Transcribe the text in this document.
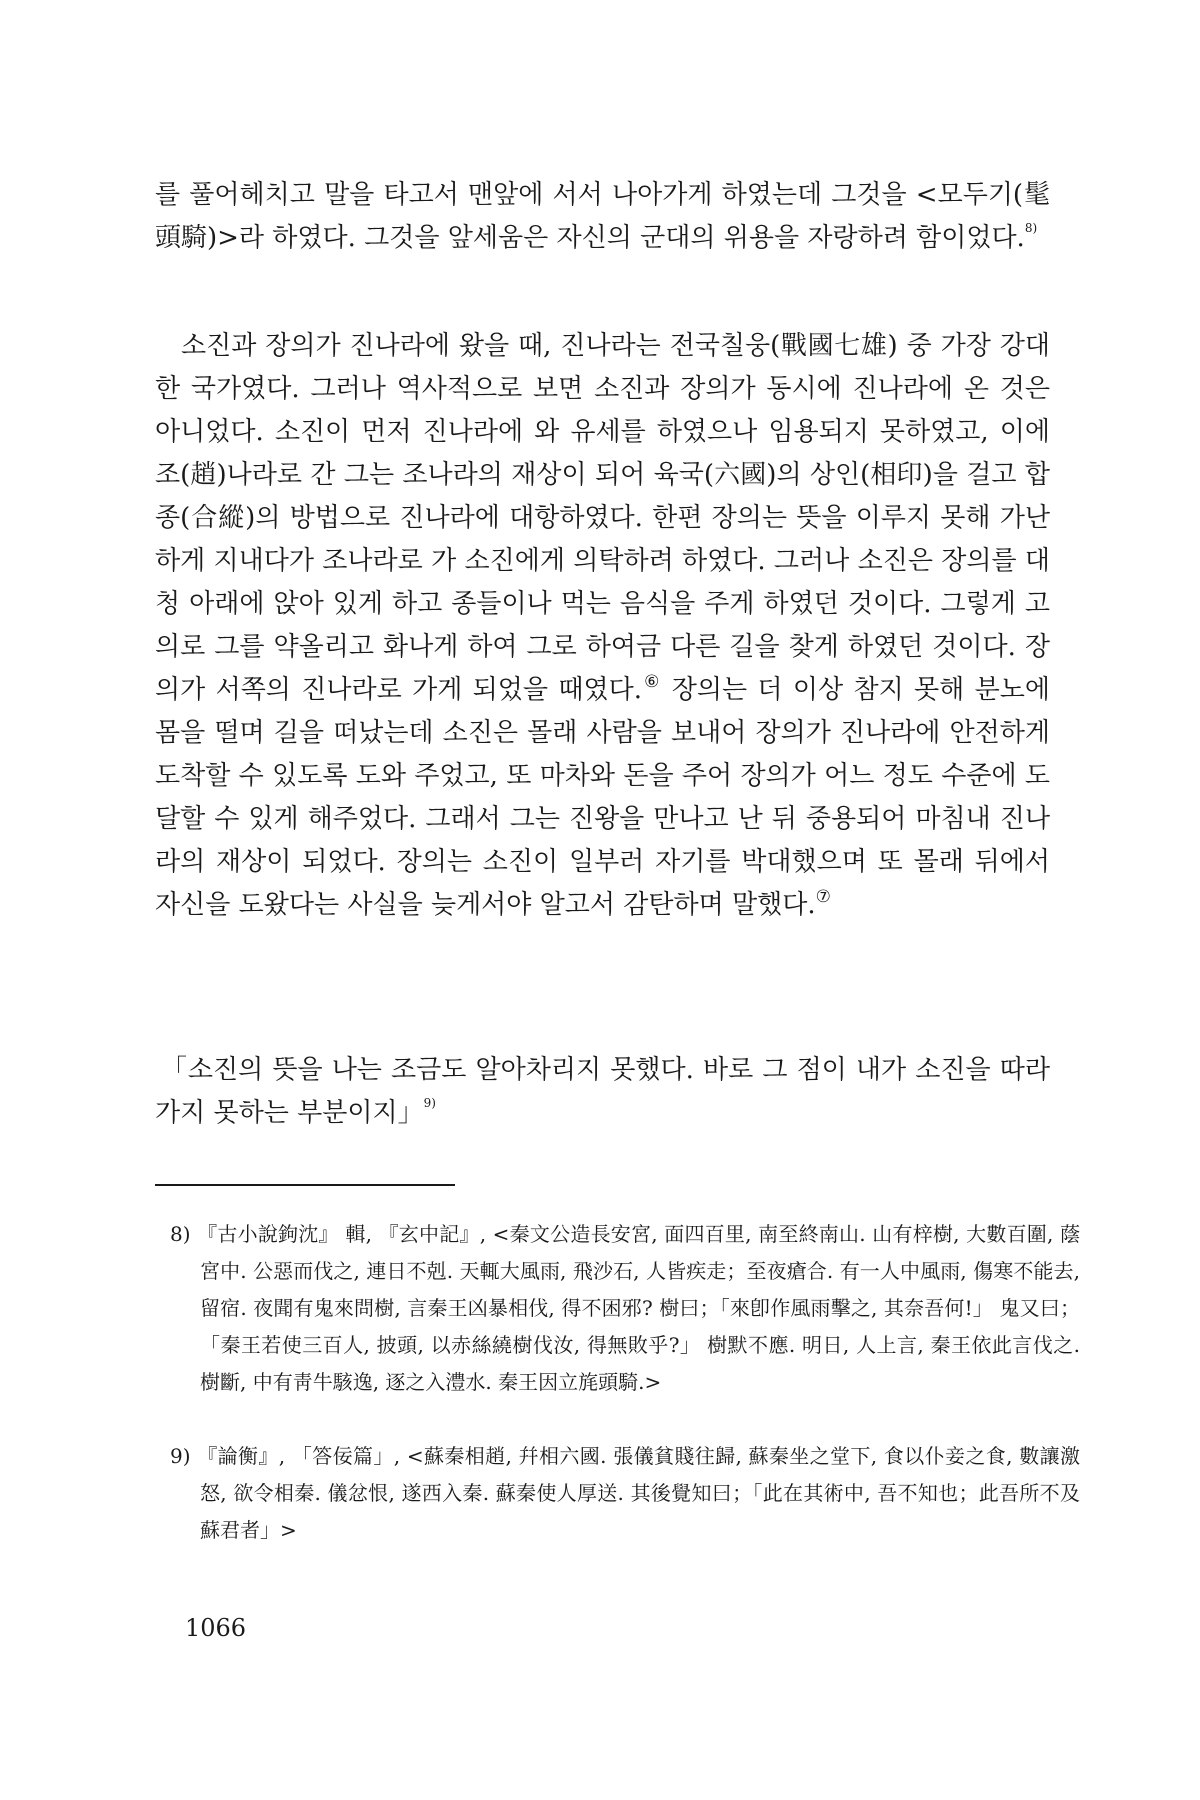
를 풀어헤치고 말을 타고서 맨앞에 서서 나아가게 하였는데 그것을 <모두기(髦頭騎)>라 하였다. 그것을 앞세움은 자신의 군대의 위용을 자랑하려 함이었다.$^{8)}$

소진과 장의가 진나라에 왔을 때, 진나라는 전국칠웅(戰國七雄) 중 가장 강대한 국가였다. 그러나 역사적으로 보면 소진과 장의가 동시에 진나라에 온 것은 아니었다. 소진이 먼저 진나라에 와 유세를 하였으나 임용되지 못하였고, 이에 조(趙)나라로 간 그는 조나라의 재상이 되어 육국(六國)의 상인(相印)을 걸고 합종(合縱)의 방법으로 진나라에 대항하였다. 한편 장의는 뜻을 이루지 못해 가난하게 지내다가 조나라로 가 소진에게 의탁하려 하였다. 그러나 소진은 장의를 대청 아래에 앉아 있게 하고 종들이나 먹는 음식을 주게 하였던 것이다. 그렇게 고의로 그를 약올리고 화나게 하여 그로 하여금 다른 길을 찾게 하였던 것이다. 장의가 서쪽의 진나라로 가게 되었을 때였다.⑥ 장의는 더 이상 참지 못해 분노에 몸을 떨며 길을 떠났는데 소진은 몰래 사람을 보내어 장의가 진나라에 안전하게 도착할 수 있도록 도와 주었고, 또 마차와 돈을 주어 장의가 어느 정도 수준에 도달할 수 있게 해주었다. 그래서 그는 진왕을 만나고 난 뒤 중용되어 마침내 진나라의 재상이 되었다. 장의는 소진이 일부러 자기를 박대했으며 또 몰래 뒤에서 자신을 도왔다는 사실을 늦게서야 알고서 감탄하며 말했다.⑦

「소진의 뜻을 나는 조금도 알아차리지 못했다. 바로 그 점이 내가 소진을 따라가지 못하는 부분이지」$^{9)}$

8) 『古小說鉤沈』 輯, 『玄中記』, <秦文公造長安宮, 面四百里, 南至終南山. 山有梓樹, 大數百圍, 蔭宮中. 公惡而伐之, 連日不剋. 天輒大風雨, 飛沙石, 人皆疾走；至夜瘡合. 有一人中風雨, 傷寒不能去, 留宿. 夜聞有鬼來問樹, 言秦王凶暴相伐, 得不困邪? 樹曰；「來卽作風雨擊之, 其奈吾何!」 鬼又曰；「秦王若使三百人, 披頭, 以赤絲繞樹伐汝, 得無敗乎?」 樹默不應. 明日, 人上言, 秦王依此言伐之. 樹斷, 中有靑牛駭逸, 逐之入澧水. 秦王因立旄頭騎.>

9) 『論衡』, 「答佞篇」, <蘇秦相趙, 幷相六國. 張儀貧賤往歸, 蘇秦坐之堂下, 食以仆妾之食, 數讓激怒, 欲令相秦. 儀忿恨, 遂西入秦. 蘇秦使人厚送. 其後覺知曰；「此在其術中, 吾不知也；此吾所不及蘇君者」>

1066
